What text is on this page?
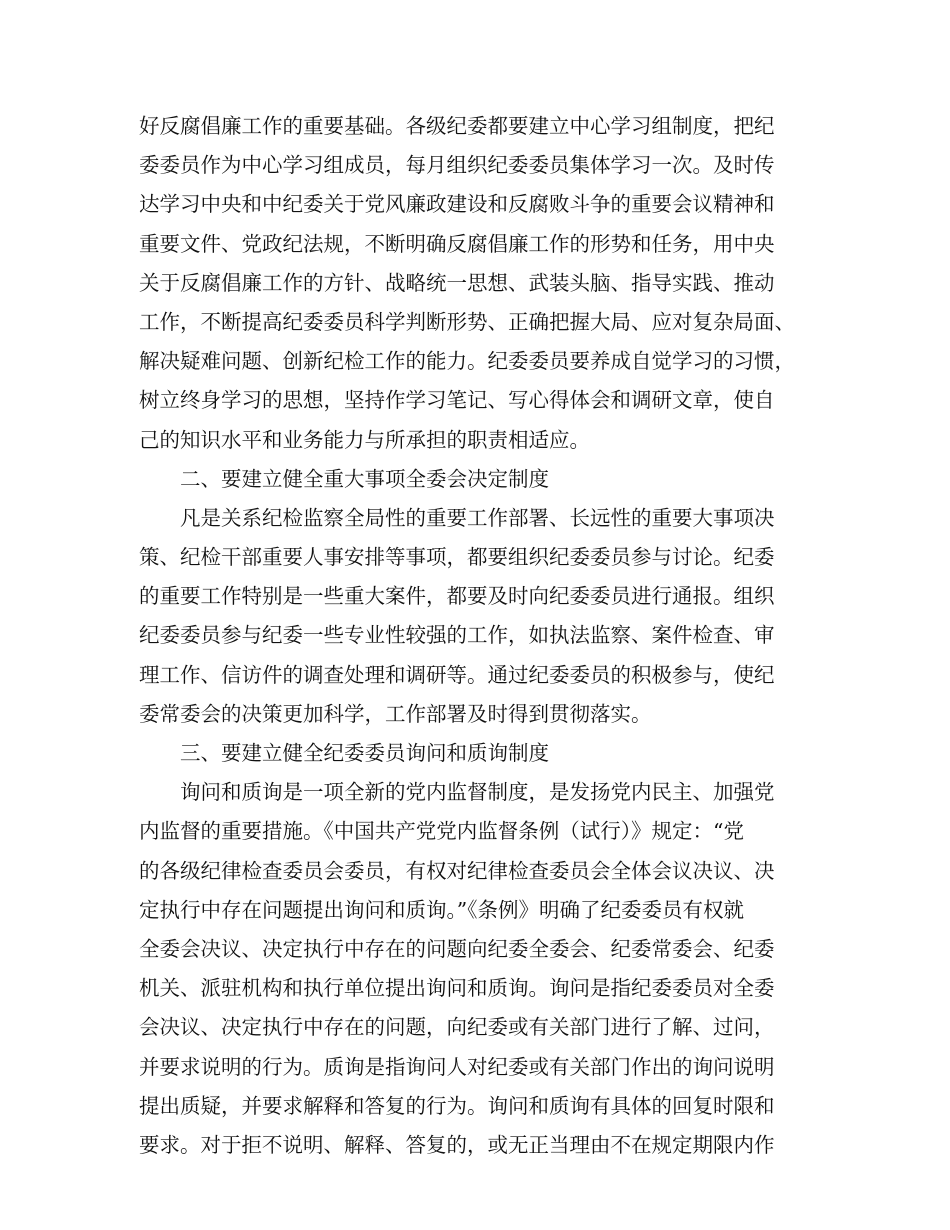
好反腐倡廉工作的重要基础。各级纪委都要建立中心学习组制度，把纪
委委员作为中心学习组成员，每月组织纪委委员集体学习一次。及时传
达学习中央和中纪委关于党风廉政建设和反腐败斗争的重要会议精神和
重要文件、党政纪法规，不断明确反腐倡廉工作的形势和任务，用中央
关于反腐倡廉工作的方针、战略统一思想、武装头脑、指导实践、推动
工作，不断提高纪委委员科学判断形势、正确把握大局、应对复杂局面、
解决疑难问题、创新纪检工作的能力。纪委委员要养成自觉学习的习惯，
树立终身学习的思想，坚持作学习笔记、写心得体会和调研文章，使自
己的知识水平和业务能力与所承担的职责相适应。
二、要建立健全重大事项全委会决定制度
凡是关系纪检监察全局性的重要工作部署、长远性的重要大事项决
策、纪检干部重要人事安排等事项，都要组织纪委委员参与讨论。纪委
的重要工作特别是一些重大案件，都要及时向纪委委员进行通报。组织
纪委委员参与纪委一些专业性较强的工作，如执法监察、案件检查、审
理工作、信访件的调查处理和调研等。通过纪委委员的积极参与，使纪
委常委会的决策更加科学，工作部署及时得到贯彻落实。
三、要建立健全纪委委员询问和质询制度
询问和质询是一项全新的党内监督制度，是发扬党内民主、加强党
内监督的重要措施。《中国共产党党内监督条例（试行）》规定：“党
的各级纪律检查委员会委员，有权对纪律检查委员会全体会议决议、决
定执行中存在问题提出询问和质询。”《条例》明确了纪委委员有权就
全委会决议、决定执行中存在的问题向纪委全委会、纪委常委会、纪委
机关、派驻机构和执行单位提出询问和质询。询问是指纪委委员对全委
会决议、决定执行中存在的问题，向纪委或有关部门进行了解、过问，
并要求说明的行为。质询是指询问人对纪委或有关部门作出的询问说明
提出质疑，并要求解释和答复的行为。询问和质询有具体的回复时限和
要求。对于拒不说明、解释、答复的，或无正当理由不在规定期限内作
